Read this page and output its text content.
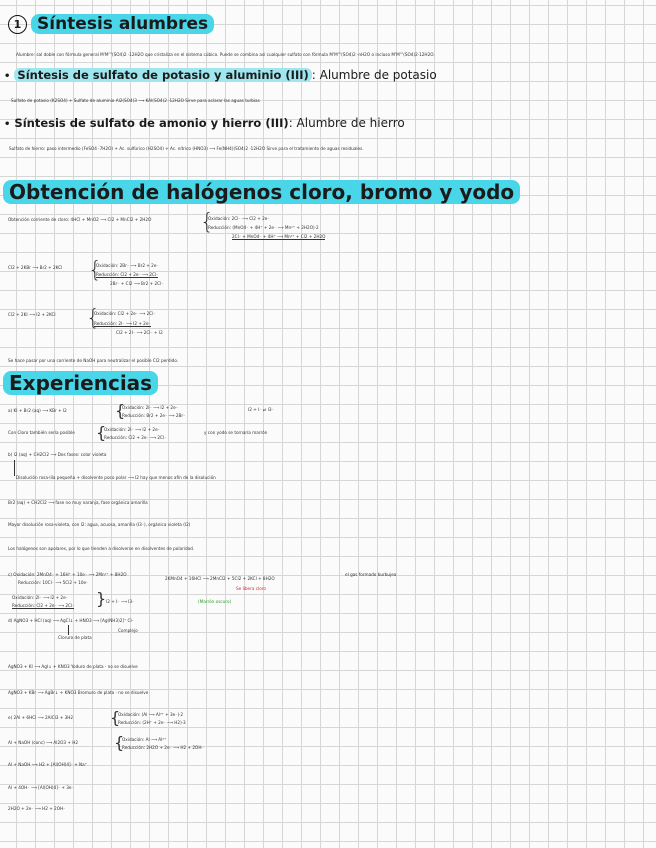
1 Síntesis alumbres
Alumbre: sal doble con fórmula general M'M'''(SO4)2 ·12H2O que cristaliza en el sistema cúbico. Puede se combina así cualquier sulfato con fórmula M'M'''(SO4)2 ·nH2O o incluso M'M'''(SO4)2·12H2O.
• Síntesis de sulfato de potasio y aluminio (III) : Alumbre de potasio
Sulfato de potasio (K2SO4) + Sulfato de aluminio Al2(SO4)3 ⟶ KAl(SO4)2 ·12H2O Sirve para aclarar las aguas turbias
• Síntesis de sulfato de amonio y hierro (III): Alumbre de hierro
Sulfato de hierro: paso intermedio (FeSO4 ·7H2O) + Ac. sulfúrico (H2SO4) + Ac. nítrico (HNO3) ⟶ Fe(NH4)(SO4)2 ·12H2O Sirve para el tratamiento de aguas residuales.
Obtención de halógenos cloro, bromo y yodo
Obtención corriente de cloro: 4HCl + MnO2 ⟶ Cl2 + MnCl2 + 2H2O {
Oxidación: 2Cl⁻ ⟶ Cl2 + 2e⁻
Reducción: (MnO4⁻ + 4H⁺ + 2e⁻ ⟶ Mn²⁺ + 2H2O)·2
2Cl⁻ + MnO4⁻ + 4H⁺ ⟶ Mn²⁺ + Cl2 + 2H2O
Cl2 + 2KBr ⟶ Br2 + 2KCl {
Oxidación: 2Br⁻ ⟶ Br2 + 2e⁻
Reducción: Cl2 + 2e⁻ ⟶ 2Cl⁻
2Br⁻ + Cl2 ⟶ Br2 + 2Cl⁻
Cl2 + 2KI ⟶ I2 + 2KCl {
Oxidación: Cl2 + 2e⁻ ⟶ 2Cl⁻
Reducción: 2I⁻ ⟶ I2 + 2e⁻
Cl2 + 2I⁻ ⟶ 2Cl⁻ + I2
Se hace pasar por una corriente de NaOH para neutralizar el posible Cl2 perdido.
Experiencias
a) KI + Br2 (aq) ⟶ KBr + I2	{
Oxidación: 2I⁻ ⟶ I2 + 2e⁻
Reducción: Br2 + 2e⁻ ⟶ 2Br⁻
I2 + I⁻ ⇌ I3⁻
Con Cloro también sería posible {
Oxidación: 2I⁻ ⟶ I2 + 2e⁻
Reducción: Cl2 + 2e⁻ ⟶ 2Cl⁻
y con yodo se tornaría marrón
b) I2 (aq) + CH2Cl2 ⟶ Dos fases: color violeta
Disolución rosa-lila pequeña + disolvente poco polar ⟶ I2 hay que menos afín de la disolución
Br2 (aq) + CH2Cl2 ⟶ fase no muy naranja, fase orgánica amarilla
Mayor disolución rosa-violeta, con I2: agua, acuosa, amarilla (I3⁻), orgánica violeta (I2)
Los halógenos son apolares, por lo que tienden a disolverse en disolventes de polaridad.
c) Oxidación: 2MnO4⁻ + 16H⁺ + 10e⁻ ⟶ 2Mn²⁺ + 8H2O
Reducción: 10Cl⁻ ⟶ 5Cl2 + 10e⁻
2KMnO4 + 16HCl ⟶ 2MnCl2 + 5Cl2 + 2KCl + 8H2O
Se libera cloro
el gas formado burbujea
Oxidación: 2I⁻ ⟶ I2 + 2e⁻
Reducción: Cl2 + 2e⁻ ⟶ 2Cl⁻ } I2 + I⁻ ⟶ I3⁻	(Marrón oscuro)
d) AgNO3 + HCl (aq) ⟶ AgCl↓ + HNO3 ⟶ [Ag(NH3)2]⁺ Cl⁻
Cloruro de plata
Complejo
AgNO3 + KI ⟶ AgI↓ + KNO3 Yoduro de plata · no se disuelve
AgNO3 + KBr ⟶ AgBr↓ + KNO3 Bromuro de plata · no se disuelve
e) 2Al + 6HCl ⟶ 2AlCl3 + 3H2 {
Oxidación: (Al ⟶ Al³⁺ + 3e⁻)·2
Reducción: (2H⁺ + 2e⁻ ⟶ H2)·3
Al + NaOH (conc) ⟶ Al2O3 + H2 {
Oxidación: Al ⟶ Al³⁺
Reducción: 2H2O + 2e⁻ ⟶ H2 + 2OH⁻
Al + NaOH ⟶ H2 + [Al(OH)4]⁻ + Na⁺
Al + 4OH⁻ ⟶ [Al(OH)4]⁻ + 3e⁻
2H2O + 2e⁻ ⟶ H2 + 2OH⁻
